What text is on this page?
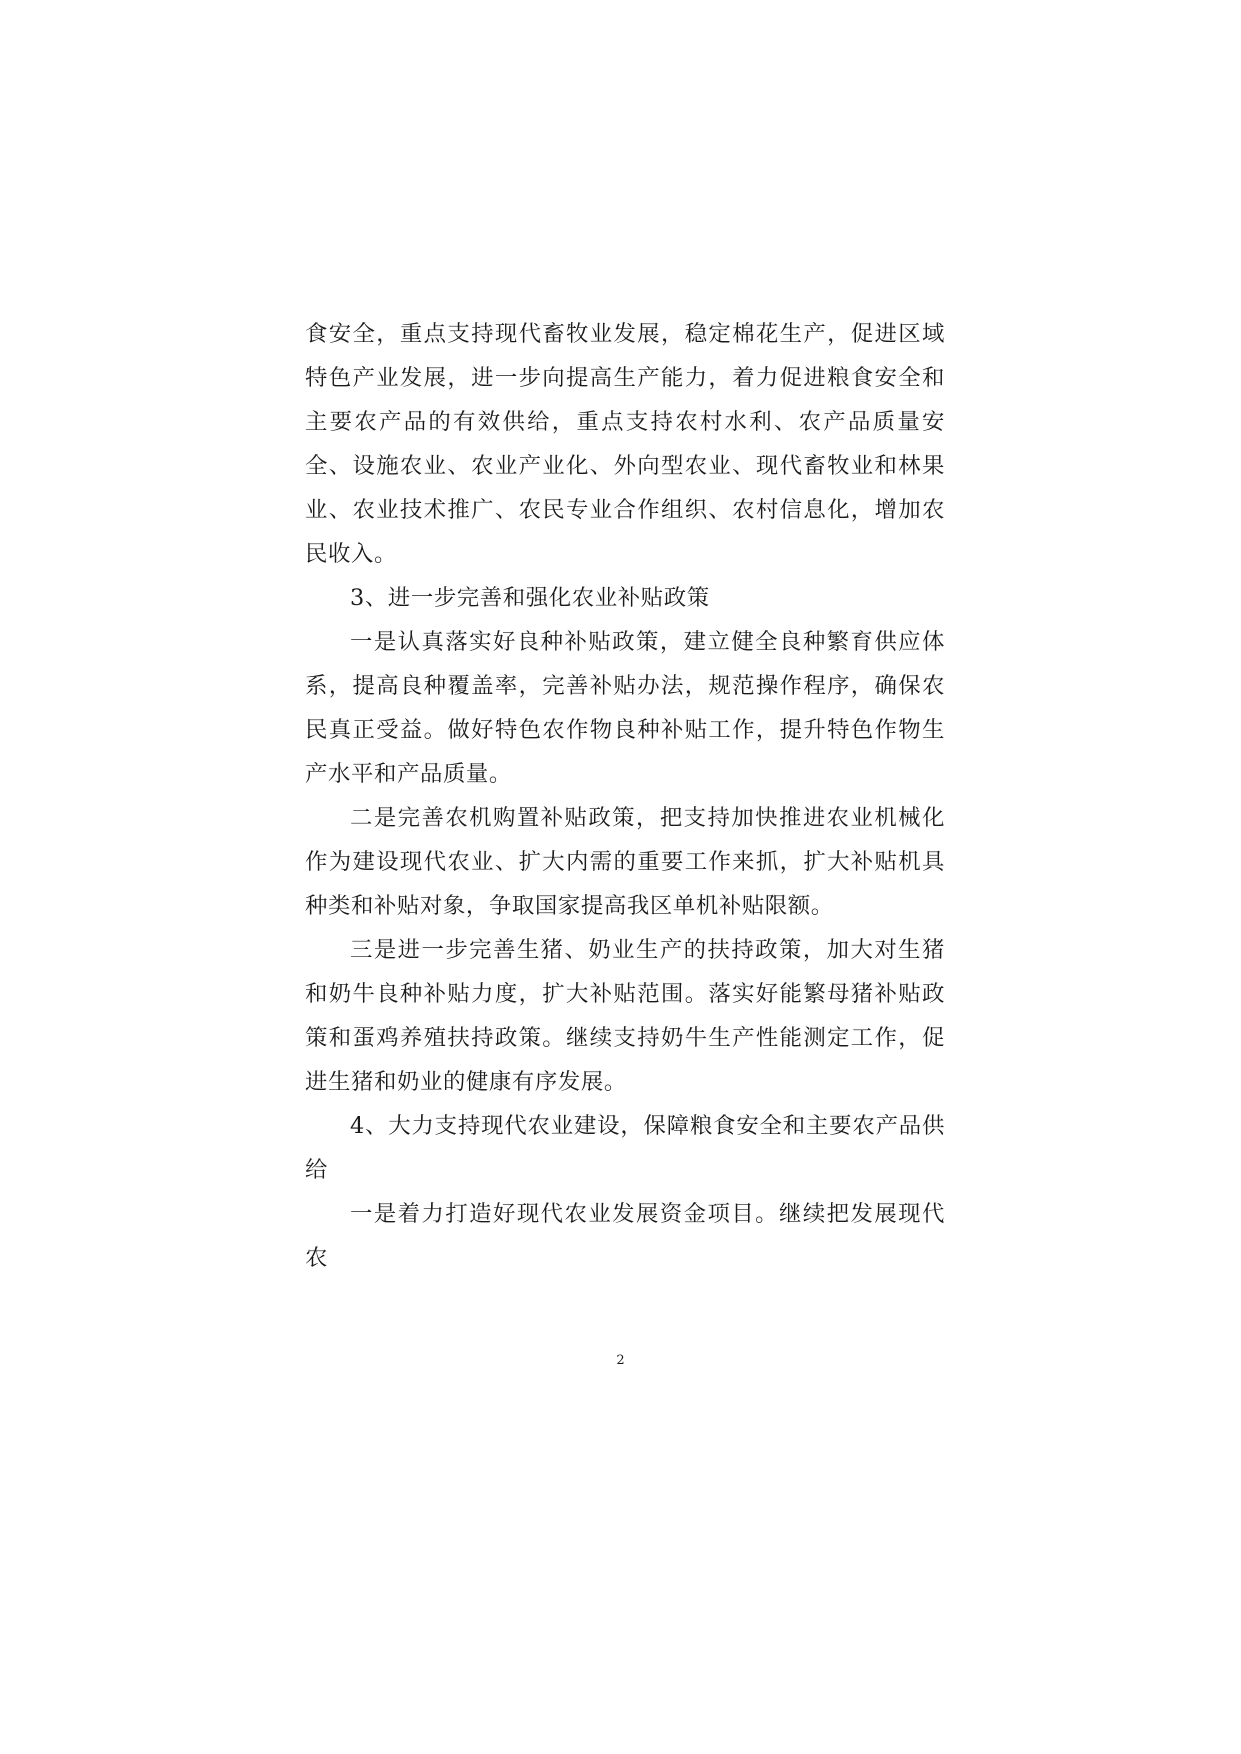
食安全，重点支持现代畜牧业发展，稳定棉花生产，促进区域特色产业发展，进一步向提高生产能力，着力促进粮食安全和主要农产品的有效供给，重点支持农村水利、农产品质量安全、设施农业、农业产业化、外向型农业、现代畜牧业和林果业、农业技术推广、农民专业合作组织、农村信息化，增加农民收入。

3、进一步完善和强化农业补贴政策

一是认真落实好良种补贴政策，建立健全良种繁育供应体系，提高良种覆盖率，完善补贴办法，规范操作程序，确保农民真正受益。做好特色农作物良种补贴工作，提升特色作物生产水平和产品质量。

二是完善农机购置补贴政策，把支持加快推进农业机械化作为建设现代农业、扩大内需的重要工作来抓，扩大补贴机具种类和补贴对象，争取国家提高我区单机补贴限额。

三是进一步完善生猪、奶业生产的扶持政策，加大对生猪和奶牛良种补贴力度，扩大补贴范围。落实好能繁母猪补贴政策和蛋鸡养殖扶持政策。继续支持奶牛生产性能测定工作，促进生猪和奶业的健康有序发展。

4、大力支持现代农业建设，保障粮食安全和主要农产品供给

一是着力打造好现代农业发展资金项目。继续把发展现代农

2
